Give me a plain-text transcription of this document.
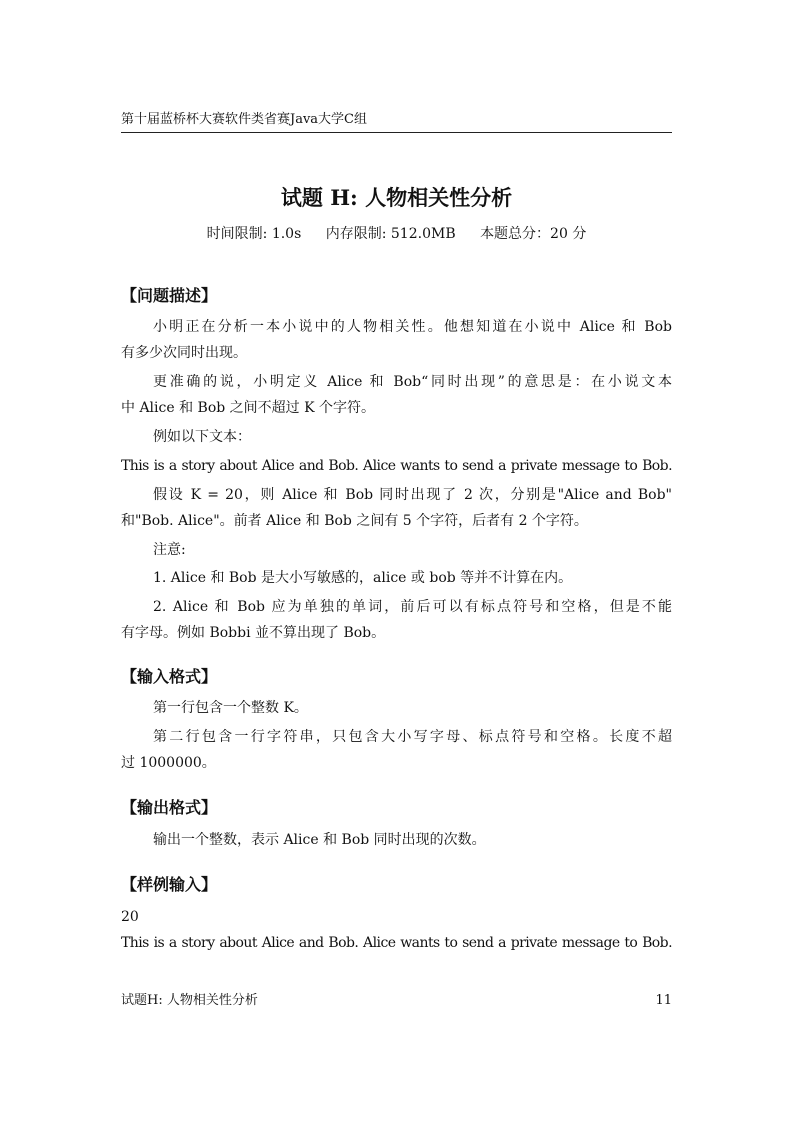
第十届蓝桥杯大赛软件类省赛Java大学C组
试题 H: 人物相关性分析
时间限制: 1.0s 内存限制: 512.0MB 本题总分：20 分
【问题描述】
小明正在分析一本小说中的人物相关性。他想知道在小说中 Alice 和 Bob
有多少次同时出现。
更准确的说，小明定义 Alice 和 Bob“同时出现”的意思是：在小说文本
中 Alice 和 Bob 之间不超过 K 个字符。
例如以下文本：
This is a story about Alice and Bob. Alice wants to send a private message to Bob.
假设 K = 20，则 Alice 和 Bob 同时出现了 2 次，分别是"Alice and Bob"
和"Bob. Alice"。前者 Alice 和 Bob 之间有 5 个字符，后者有 2 个字符。
注意:
1. Alice 和 Bob 是大小写敏感的，alice 或 bob 等并不计算在内。
2. Alice 和 Bob 应为单独的单词，前后可以有标点符号和空格，但是不能
有字母。例如 Bobbi 並不算出现了 Bob。
【输入格式】
第一行包含一个整数 K。
第二行包含一行字符串，只包含大小写字母、标点符号和空格。长度不超
过 1000000。
【输出格式】
输出一个整数，表示 Alice 和 Bob 同时出现的次数。
【样例输入】
20
This is a story about Alice and Bob. Alice wants to send a private message to Bob.
试题H: 人物相关性分析	11
